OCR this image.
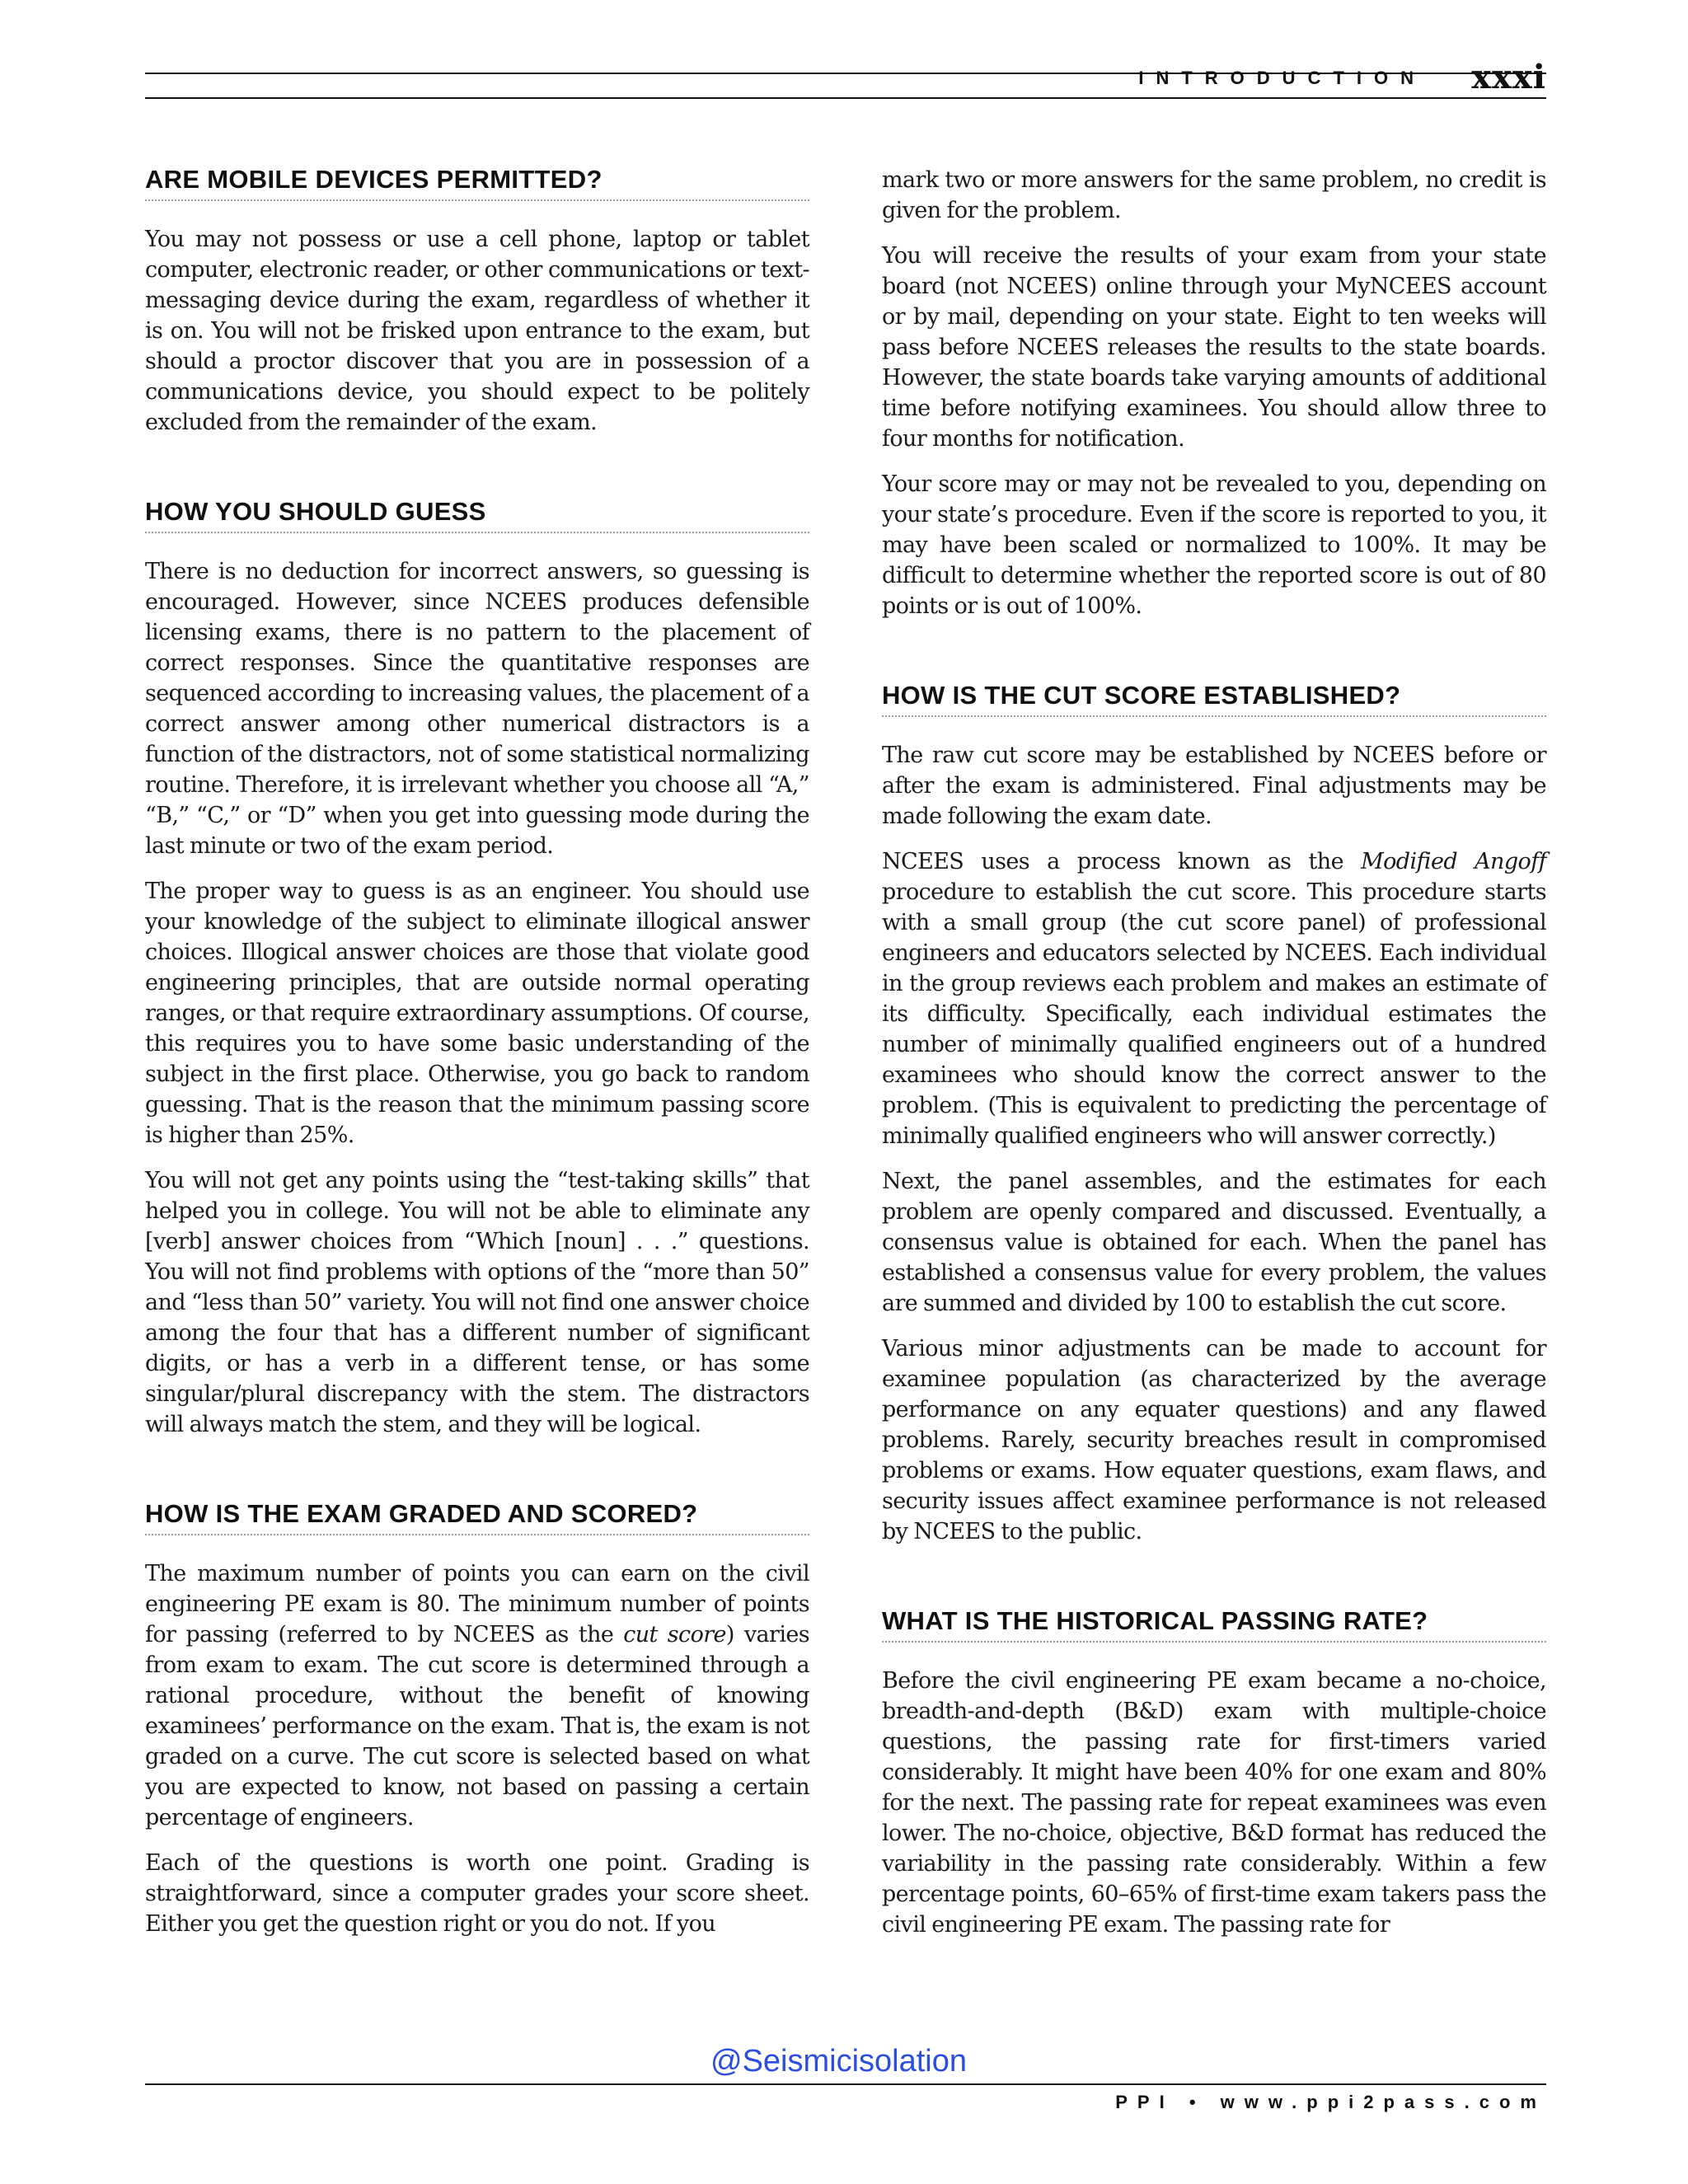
INTRODUCTION xxxi
ARE MOBILE DEVICES PERMITTED?

You may not possess or use a cell phone, laptop or tablet computer, electronic reader, or other communications or text-messaging device during the exam, regardless of whether it is on. You will not be frisked upon entrance to the exam, but should a proctor discover that you are in possession of a communications device, you should expect to be politely excluded from the remainder of the exam.

HOW YOU SHOULD GUESS

There is no deduction for incorrect answers, so guessing is encouraged. However, since NCEES produces defensible licensing exams, there is no pattern to the placement of correct responses. Since the quantitative responses are sequenced according to increasing values, the placement of a correct answer among other numerical distractors is a function of the distractors, not of some statistical normalizing routine. Therefore, it is irrelevant whether you choose all “A,” “B,” “C,” or “D” when you get into guessing mode during the last minute or two of the exam period.

The proper way to guess is as an engineer. You should use your knowledge of the subject to eliminate illogical answer choices. Illogical answer choices are those that violate good engineering principles, that are outside normal operating ranges, or that require extraordinary assumptions. Of course, this requires you to have some basic understanding of the subject in the first place. Otherwise, you go back to random guessing. That is the reason that the minimum passing score is higher than 25%.

You will not get any points using the “test-taking skills” that helped you in college. You will not be able to eliminate any [verb] answer choices from “Which [noun] . . .” questions. You will not find problems with options of the “more than 50” and “less than 50” variety. You will not find one answer choice among the four that has a different number of significant digits, or has a verb in a different tense, or has some singular/plural discrepancy with the stem. The distractors will always match the stem, and they will be logical.

HOW IS THE EXAM GRADED AND SCORED?

The maximum number of points you can earn on the civil engineering PE exam is 80. The minimum number of points for passing (referred to by NCEES as the cut score) varies from exam to exam. The cut score is determined through a rational procedure, without the benefit of knowing examinees’ performance on the exam. That is, the exam is not graded on a curve. The cut score is selected based on what you are expected to know, not based on passing a certain percentage of engineers.

Each of the questions is worth one point. Grading is straightforward, since a computer grades your score sheet. Either you get the question right or you do not. If you

mark two or more answers for the same problem, no credit is given for the problem.

You will receive the results of your exam from your state board (not NCEES) online through your MyNCEES account or by mail, depending on your state. Eight to ten weeks will pass before NCEES releases the results to the state boards. However, the state boards take varying amounts of additional time before notifying examinees. You should allow three to four months for notification.

Your score may or may not be revealed to you, depending on your state’s procedure. Even if the score is reported to you, it may have been scaled or normalized to 100%. It may be difficult to determine whether the reported score is out of 80 points or is out of 100%.

HOW IS THE CUT SCORE ESTABLISHED?

The raw cut score may be established by NCEES before or after the exam is administered. Final adjustments may be made following the exam date.

NCEES uses a process known as the Modified Angoff procedure to establish the cut score. This procedure starts with a small group (the cut score panel) of professional engineers and educators selected by NCEES. Each individual in the group reviews each problem and makes an estimate of its difficulty. Specifically, each individual estimates the number of minimally qualified engineers out of a hundred examinees who should know the correct answer to the problem. (This is equivalent to predicting the percentage of minimally qualified engineers who will answer correctly.)

Next, the panel assembles, and the estimates for each problem are openly compared and discussed. Eventually, a consensus value is obtained for each. When the panel has established a consensus value for every problem, the values are summed and divided by 100 to establish the cut score.

Various minor adjustments can be made to account for examinee population (as characterized by the average performance on any equater questions) and any flawed problems. Rarely, security breaches result in compromised problems or exams. How equater questions, exam flaws, and security issues affect examinee performance is not released by NCEES to the public.

WHAT IS THE HISTORICAL PASSING RATE?

Before the civil engineering PE exam became a no-choice, breadth-and-depth (B&D) exam with multiple-choice questions, the passing rate for first-timers varied considerably. It might have been 40% for one exam and 80% for the next. The passing rate for repeat examinees was even lower. The no-choice, objective, B&D format has reduced the variability in the passing rate considerably. Within a few percentage points, 60–65% of first-time exam takers pass the civil engineering PE exam. The passing rate for

@Seismicisolation
PPI • www.ppi2pass.com
